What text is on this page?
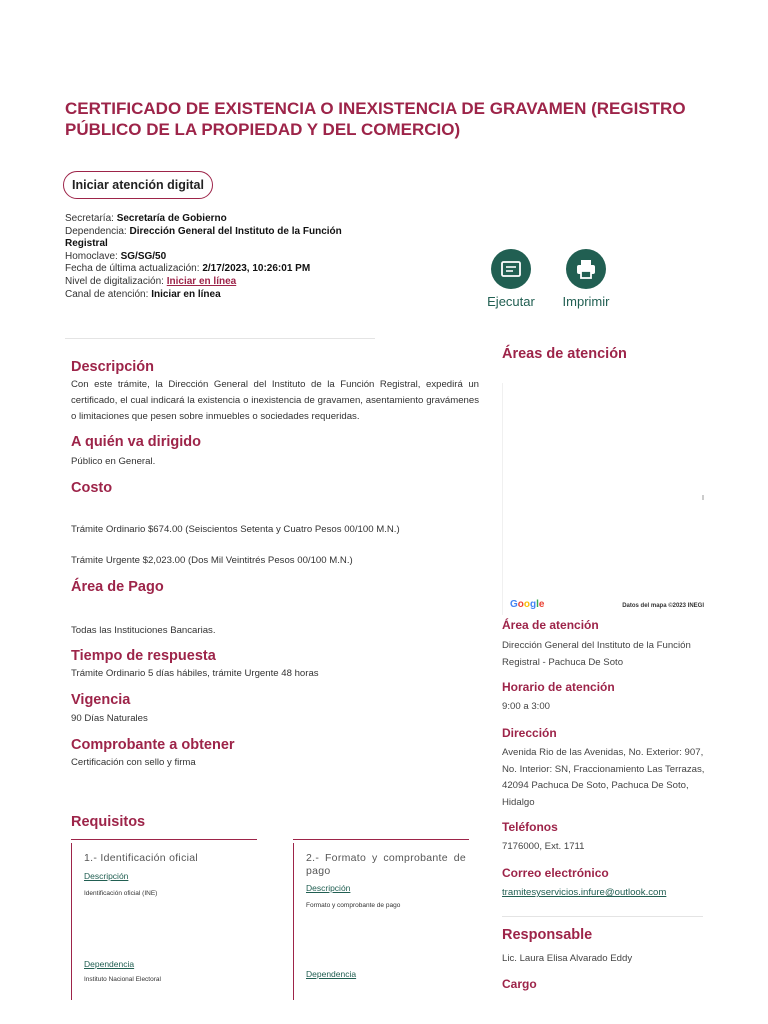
CERTIFICADO DE EXISTENCIA O INEXISTENCIA DE GRAVAMEN (REGISTRO PÚBLICO DE LA PROPIEDAD Y DEL COMERCIO)
Iniciar atención digital
Secretaría: Secretaría de Gobierno
Dependencia: Dirección General del Instituto de la Función Registral
Homoclave: SG/SG/50
Fecha de última actualización: 2/17/2023, 10:26:01 PM
Nivel de digitalización: Iniciar en línea
Canal de atención: Iniciar en línea	Ejecutar	Imprimir
Descripción

Con este trámite, la Dirección General del Instituto de la Función Registral, expedirá un certificado, el cual indicará la existencia o inexistencia de gravamen, asentamiento gravámenes o limitaciones que pesen sobre inmuebles o sociedades requeridas.

A quién va dirigido

Público en General.

Costo

Trámite Ordinario $674.00 (Seiscientos Setenta y Cuatro Pesos 00/100 M.N.)

Trámite Urgente $2,023.00 (Dos Mil Veintitrés Pesos 00/100 M.N.)

Área de Pago

Todas las Instituciones Bancarias.

Tiempo de respuesta

Trámite Ordinario 5 días hábiles, trámite Urgente 48 horas

Vigencia

90 Días Naturales

Comprobante a obtener

Certificación con sello y firma

Requisitos
1.- Identificación oficial
Descripción
Identificación oficial (INE)
Dependencia
Instituto Nacional Electoral
2.- Formato y comprobante de pago
Descripción
Formato y comprobante de pago
Dependencia
Áreas de atención
Google	Datos del mapa ©2023 INEGI
Área de atención

Dirección General del Instituto de la Función Registral - Pachuca De Soto

Horario de atención

9:00 a 3:00

Dirección

Avenida Rio de las Avenidas, No. Exterior: 907, No. Interior: SN, Fraccionamiento Las Terrazas, 42094 Pachuca De Soto, Pachuca De Soto, Hidalgo

Teléfonos

7176000, Ext. 1711

Correo electrónico

tramitesyservicios.infure@outlook.com

Responsable

Lic. Laura Elisa Alvarado Eddy

Cargo
